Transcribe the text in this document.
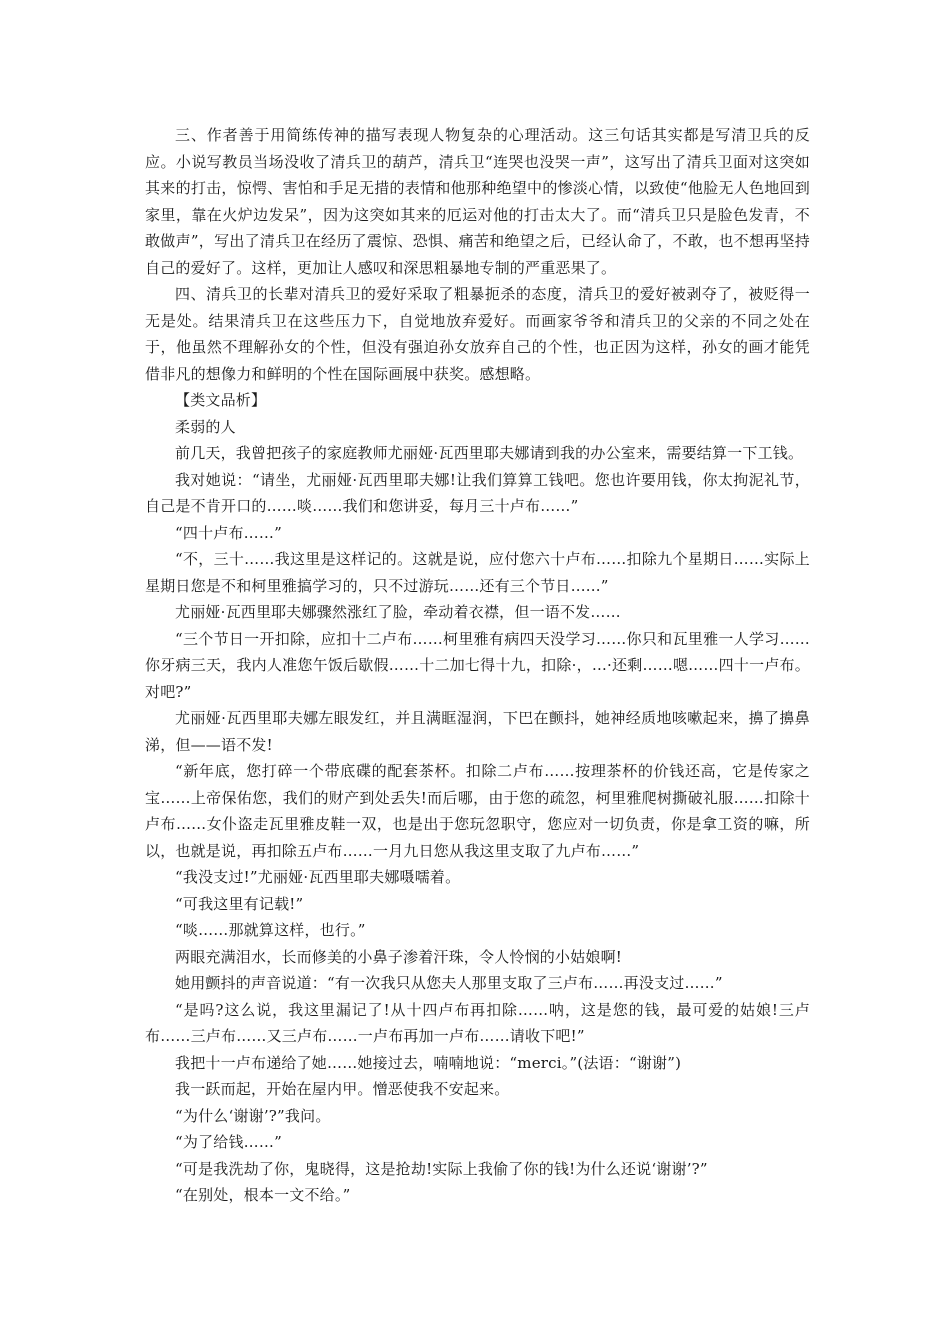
三、作者善于用简练传神的描写表现人物复杂的心理活动。这三句话其实都是写清卫兵的反应。小说写教员当场没收了清兵卫的葫芦，清兵卫“连哭也没哭一声”，这写出了清兵卫面对这突如其来的打击，惊愕、害怕和手足无措的表情和他那种绝望中的惨淡心情，以致使“他脸无人色地回到家里，靠在火炉边发呆”，因为这突如其来的厄运对他的打击太大了。而“清兵卫只是脸色发青，不敢做声”，写出了清兵卫在经历了震惊、恐惧、痛苦和绝望之后，已经认命了，不敢，也不想再坚持自己的爱好了。这样，更加让人感叹和深思粗暴地专制的严重恶果了。

四、清兵卫的长辈对清兵卫的爱好采取了粗暴扼杀的态度，清兵卫的爱好被剥夺了，被贬得一无是处。结果清兵卫在这些压力下，自觉地放弃爱好。而画家爷爷和清兵卫的父亲的不同之处在于，他虽然不理解孙女的个性，但没有强迫孙女放弃自己的个性，也正因为这样，孙女的画才能凭借非凡的想像力和鲜明的个性在国际画展中获奖。感想略。

【类文品析】

柔弱的人

前几天，我曾把孩子的家庭教师尤丽娅·瓦西里耶夫娜请到我的办公室来，需要结算一下工钱。

我对她说：“请坐，尤丽娅·瓦西里耶夫娜!让我们算算工钱吧。您也许要用钱，你太拘泥礼节，自己是不肯开口的……啖……我们和您讲妥，每月三十卢布……”

“四十卢布……”

“不，三十……我这里是这样记的。这就是说，应付您六十卢布……扣除九个星期日……实际上星期日您是不和柯里雅搞学习的，只不过游玩……还有三个节日…...”

尤丽娅·瓦西里耶夫娜骤然涨红了脸，牵动着衣襟，但一语不发……

“三个节日一开扣除，应扣十二卢布……柯里雅有病四天没学习……你只和瓦里雅一人学习……你牙病三天，我内人准您午饭后歇假……十二加七得十九，扣除·，…·还剩……嗯……四十一卢布。对吧?”

尤丽娅·瓦西里耶夫娜左眼发红，并且满眶湿润，下巴在颤抖，她神经质地咳嗽起来，擤了擤鼻涕，但——语不发!

“新年底，您打碎一个带底碟的配套茶杯。扣除二卢布……按理茶杯的价钱还高，它是传家之宝……上帝保佑您，我们的财产到处丢失!而后哪，由于您的疏忽，柯里雅爬树撕破礼服……扣除十卢布……女仆盗走瓦里雅皮鞋一双，也是出于您玩忽职守，您应对一切负责，你是拿工资的嘛，所以，也就是说，再扣除五卢布……一月九日您从我这里支取了九卢布……”

“我没支过!”尤丽娅·瓦西里耶夫娜嗫嚅着。

“可我这里有记载!”

“啖……那就算这样，也行。”

两眼充满泪水，长而修美的小鼻子渗着汗珠，令人怜悯的小姑娘啊!

她用颤抖的声音说道：“有一次我只从您夫人那里支取了三卢布……再没支过……”

“是吗?这么说，我这里漏记了!从十四卢布再扣除……呐，这是您的钱，最可爱的姑娘!三卢布……三卢布……又三卢布……一卢布再加一卢布……请收下吧!”

我把十一卢布递给了她……她接过去，喃喃地说：“merci。”(法语：“谢谢”)

我一跃而起，开始在屋内甲。憎恶使我不安起来。

“为什么‘谢谢’?”我问。

“为了给钱……”

“可是我洗劫了你，鬼晓得，这是抢劫!实际上我偷了你的钱!为什么还说‘谢谢’?”

“在别处，根本一文不给。”
